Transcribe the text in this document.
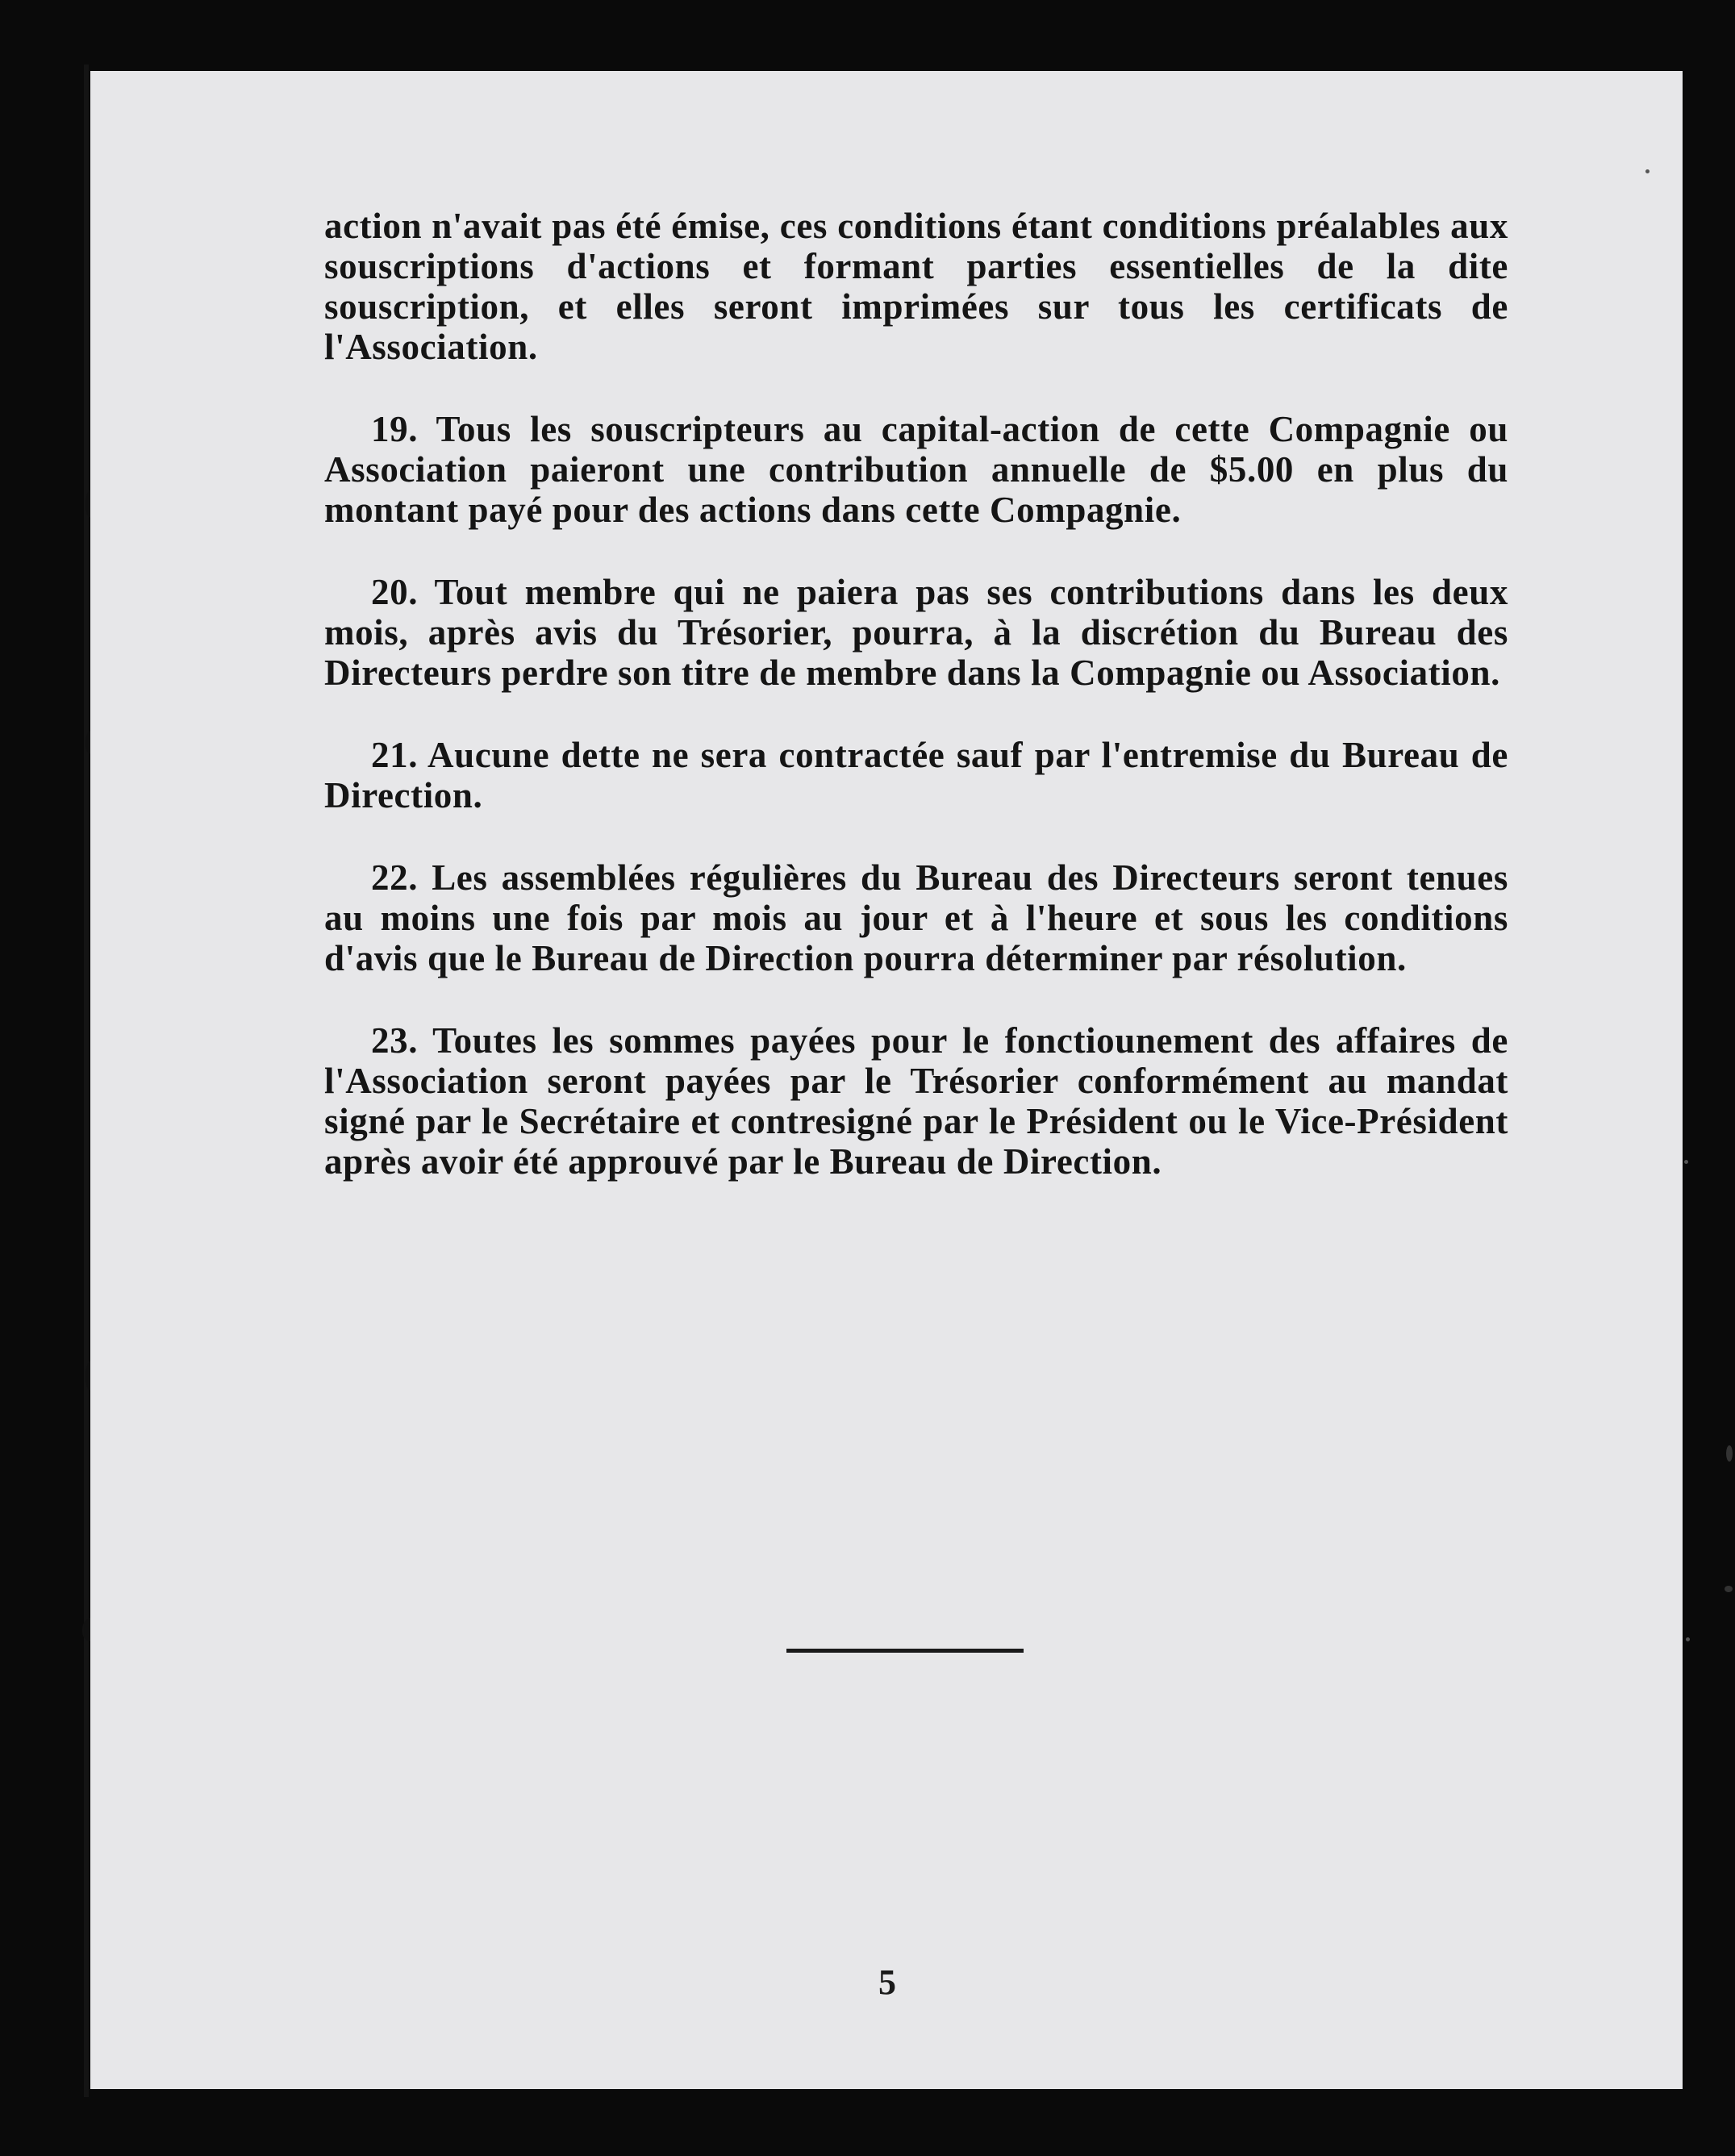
action n'avait pas été émise, ces conditions étant conditions préalables aux souscriptions d'actions et formant parties essentielles de la dite souscription, et elles seront imprimées sur tous les certificats de l'Association.

19. Tous les souscripteurs au capital-action de cette Compagnie ou Association paieront une contribution annuelle de $5.00 en plus du montant payé pour des actions dans cette Compagnie.

20. Tout membre qui ne paiera pas ses contributions dans les deux mois, après avis du Trésorier, pourra, à la discrétion du Bureau des Directeurs perdre son titre de membre dans la Compagnie ou Association.

21. Aucune dette ne sera contractée sauf par l'entremise du Bureau de Direction.

22. Les assemblées régulières du Bureau des Directeurs seront tenues au moins une fois par mois au jour et à l'heure et sous les conditions d'avis que le Bureau de Direction pourra déterminer par résolution.

23. Toutes les sommes payées pour le fonctiounement des affaires de l'Association seront payées par le Trésorier conformément au mandat signé par le Secrétaire et contresigné par le Président ou le Vice-Président après avoir été approuvé par le Bureau de Direction.

5
